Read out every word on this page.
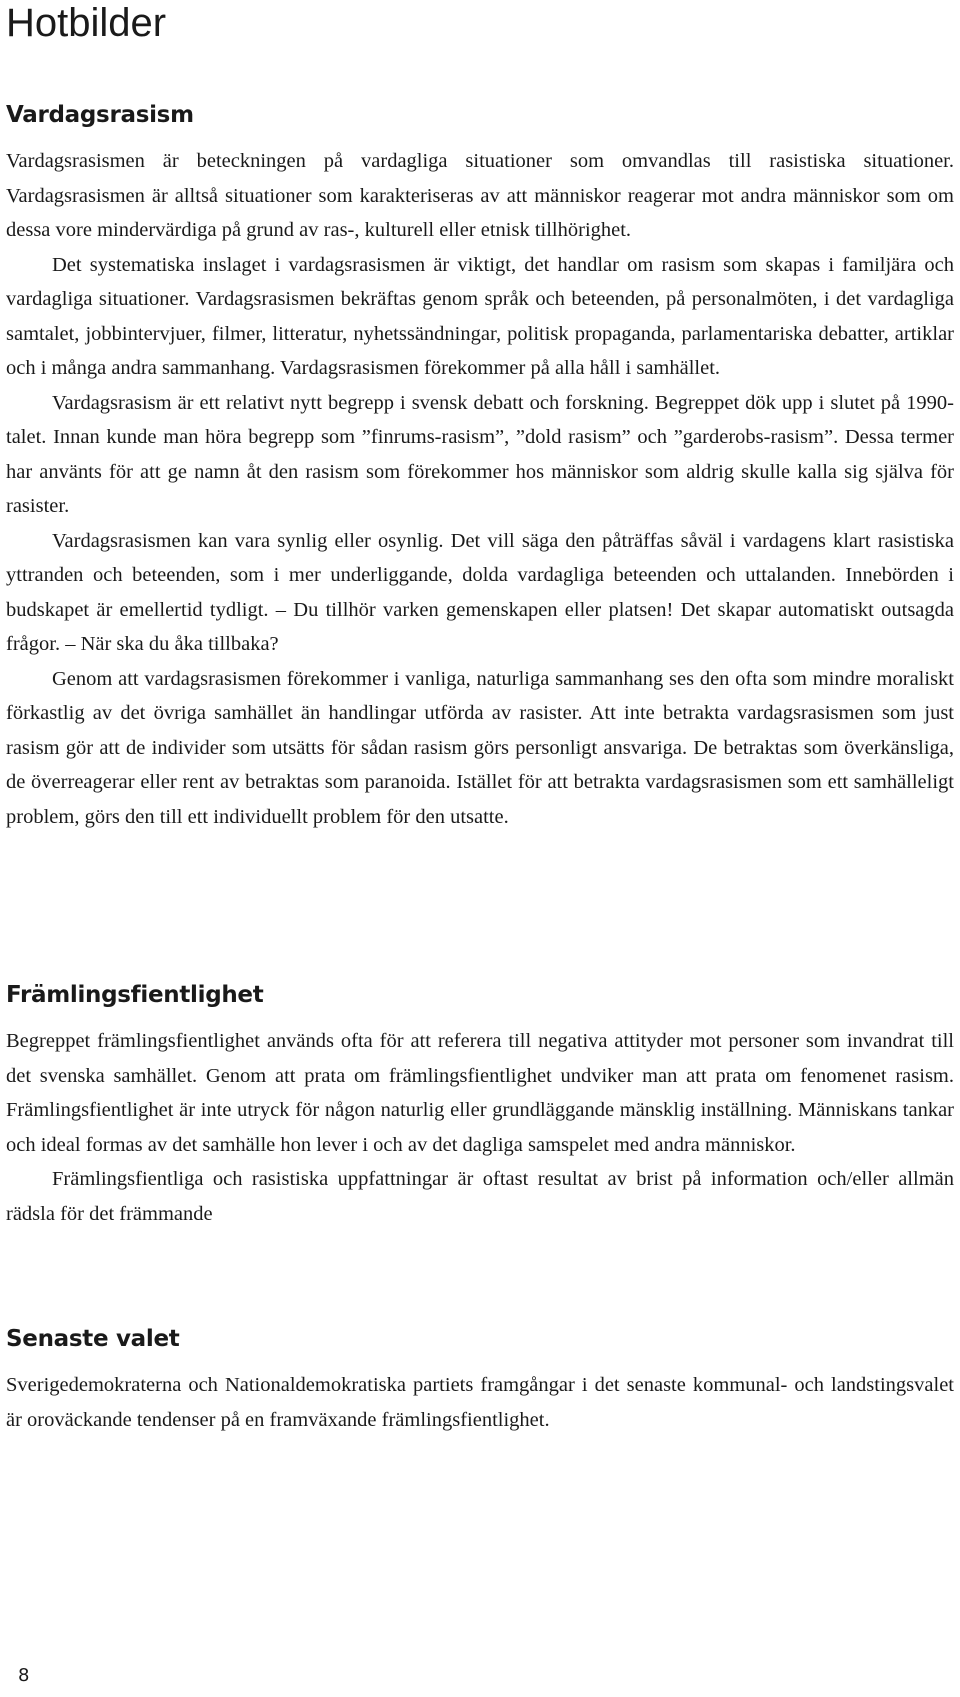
Hotbilder
Vardagsrasism

Vardagsrasismen är beteckningen på vardagliga situationer som omvandlas till rasistiska situationer. Vardagsrasismen är alltså situationer som karakteriseras av att människor reagerar mot andra människor som om dessa vore mindervärdiga på grund av ras-, kulturell eller etnisk tillhörighet.

Det systematiska inslaget i vardagsrasismen är viktigt, det handlar om rasism som skapas i familjära och vardagliga situationer. Vardagsrasismen bekräftas genom språk och beteenden, på personalmöten, i det vardagliga samtalet, jobbintervjuer, filmer, litteratur, nyhetssändningar, politisk propaganda, parlamentariska debatter, artiklar och i många andra sammanhang. Vardagsrasismen förekommer på alla håll i samhället.

Vardagsrasism är ett relativt nytt begrepp i svensk debatt och forskning. Begreppet dök upp i slutet på 1990-talet. Innan kunde man höra begrepp som ”finrums-rasism”, ”dold rasism” och ”garderobs-rasism”. Dessa termer har använts för att ge namn åt den rasism som förekommer hos människor som aldrig skulle kalla sig själva för rasister.

Vardagsrasismen kan vara synlig eller osynlig. Det vill säga den påträffas såväl i vardagens klart rasistiska yttranden och beteenden, som i mer underliggande, dolda vardagliga beteenden och uttalanden. Innebörden i budskapet är emellertid tydligt. – Du tillhör varken gemenskapen eller platsen! Det skapar automatiskt outsagda frågor. – När ska du åka tillbaka?

Genom att vardagsrasismen förekommer i vanliga, naturliga sammanhang ses den ofta som mindre moraliskt förkastlig av det övriga samhället än handlingar utförda av rasister. Att inte betrakta vardagsrasismen som just rasism gör att de individer som utsätts för sådan rasism görs personligt ansvariga. De betraktas som överkänsliga, de överreagerar eller rent av betraktas som paranoida. Istället för att betrakta vardagsrasismen som ett samhälleligt problem, görs den till ett individuellt problem för den utsatte.

Främlingsfientlighet

Begreppet främlingsfientlighet används ofta för att referera till negativa attityder mot personer som invandrat till det svenska samhället. Genom att prata om främlingsfientlighet undviker man att prata om fenomenet rasism. Främlingsfientlighet är inte utryck för någon naturlig eller grundläggande mänsklig inställning. Människans tankar och ideal formas av det samhälle hon lever i och av det dagliga samspelet med andra människor.

Främlingsfientliga och rasistiska uppfattningar är oftast resultat av brist på information och/eller allmän rädsla för det främmande

Senaste valet

Sverigedemokraterna och Nationaldemokratiska partiets framgångar i det senaste kommunal- och landstingsvalet är oroväckande tendenser på en framväxande främlingsfientlighet.

8
